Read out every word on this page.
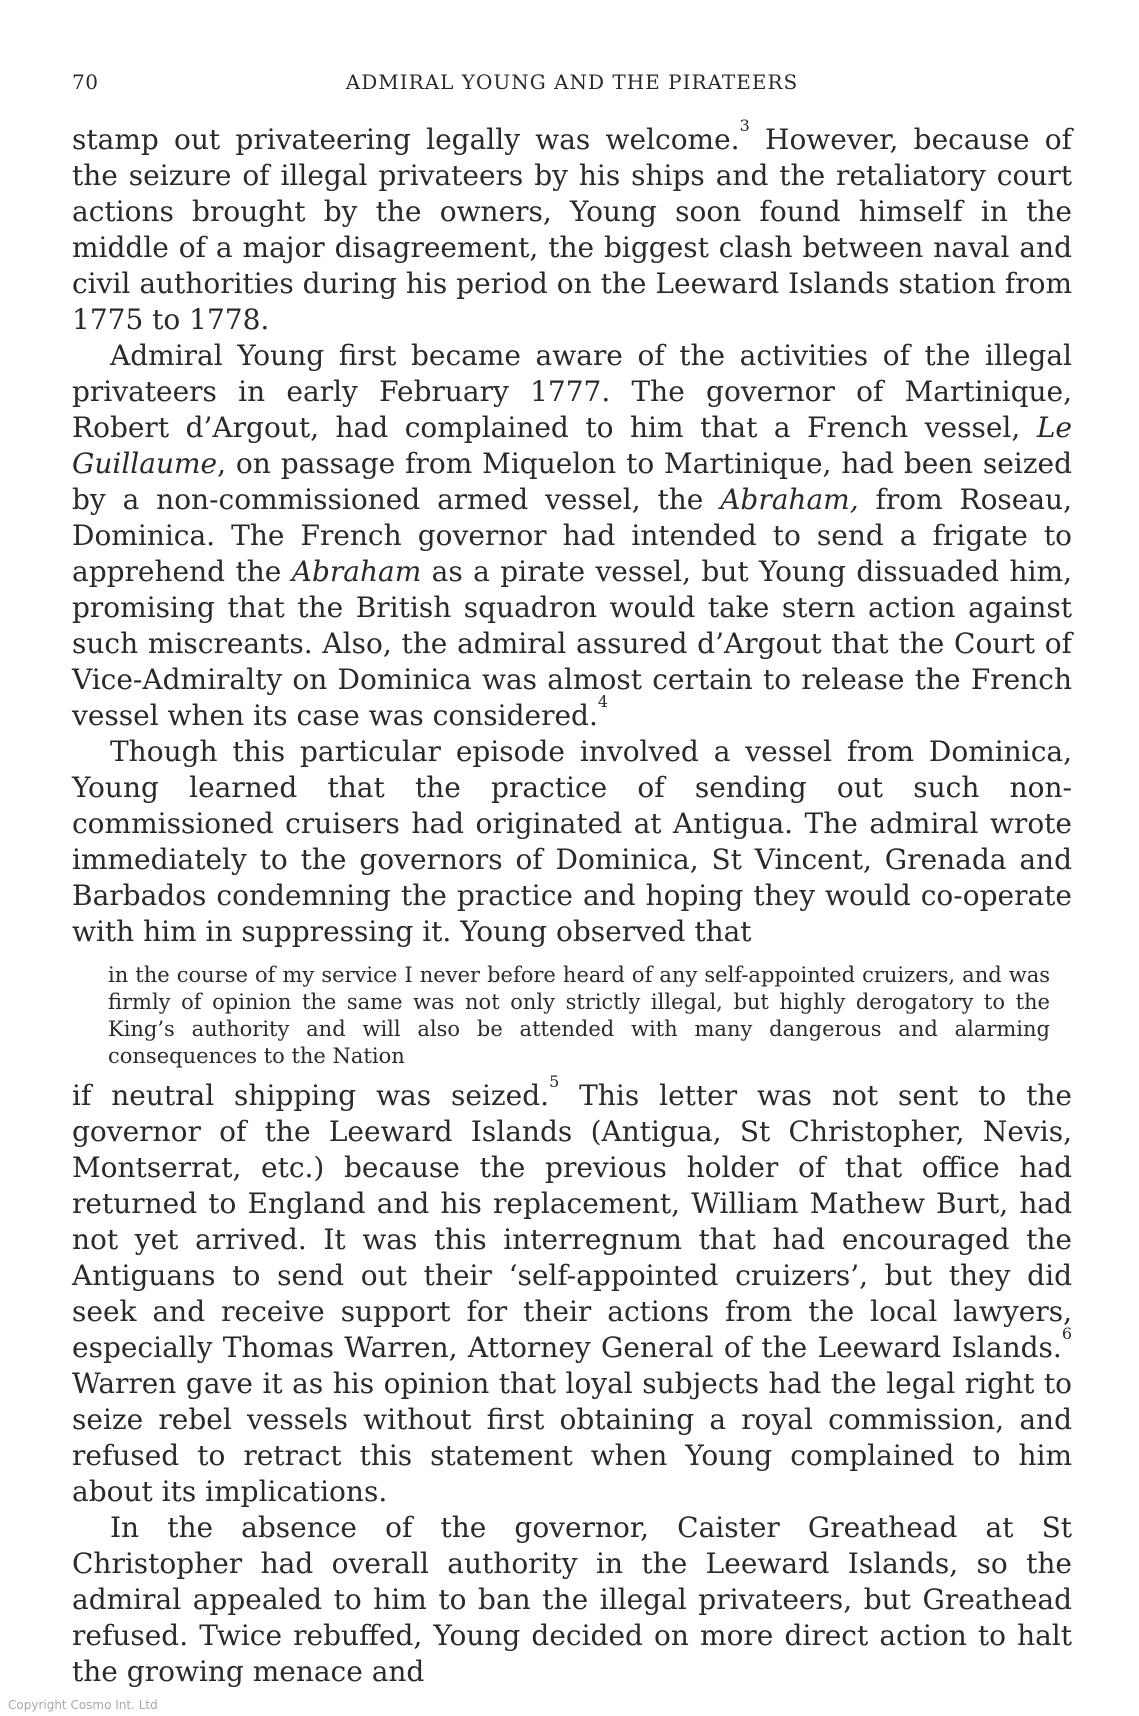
70	ADMIRAL YOUNG AND THE PIRATEERS

stamp out privateering legally was welcome.$^3$ However, because of the seizure of illegal privateers by his ships and the retaliatory court actions brought by the owners, Young soon found himself in the middle of a major disagreement, the biggest clash between naval and civil authorities during his period on the Leeward Islands station from 1775 to 1778.

Admiral Young first became aware of the activities of the illegal privateers in early February 1777. The governor of Martinique, Robert d’Argout, had complained to him that a French vessel, Le Guillaume, on passage from Miquelon to Martinique, had been seized by a non-commissioned armed vessel, the Abraham, from Roseau, Dominica. The French governor had intended to send a frigate to apprehend the Abraham as a pirate vessel, but Young dissuaded him, promising that the British squadron would take stern action against such miscreants. Also, the admiral assured d’Argout that the Court of Vice-Admiralty on Dominica was almost certain to release the French vessel when its case was considered.$^4$

Though this particular episode involved a vessel from Dominica, Young learned that the practice of sending out such non-commissioned cruisers had originated at Antigua. The admiral wrote immediately to the governors of Dominica, St Vincent, Grenada and Barbados condemning the practice and hoping they would co-operate with him in suppressing it. Young observed that

in the course of my service I never before heard of any self-appointed cruizers, and was firmly of opinion the same was not only strictly illegal, but highly derogatory to the King’s authority and will also be attended with many dangerous and alarming consequences to the Nation

if neutral shipping was seized.$^5$ This letter was not sent to the governor of the Leeward Islands (Antigua, St Christopher, Nevis, Montserrat, etc.) because the previous holder of that office had returned to England and his replacement, William Mathew Burt, had not yet arrived. It was this interregnum that had encouraged the Antiguans to send out their ‘self-appointed cruizers’, but they did seek and receive support for their actions from the local lawyers, especially Thomas Warren, Attorney General of the Leeward Islands.$^6$ Warren gave it as his opinion that loyal subjects had the legal right to seize rebel vessels without first obtaining a royal commission, and refused to retract this statement when Young complained to him about its implications.

In the absence of the governor, Caister Greathead at St Christopher had overall authority in the Leeward Islands, so the admiral appealed to him to ban the illegal privateers, but Greathead refused. Twice rebuffed, Young decided on more direct action to halt the growing menace and

Copyright Cosmo Int. Ltd
